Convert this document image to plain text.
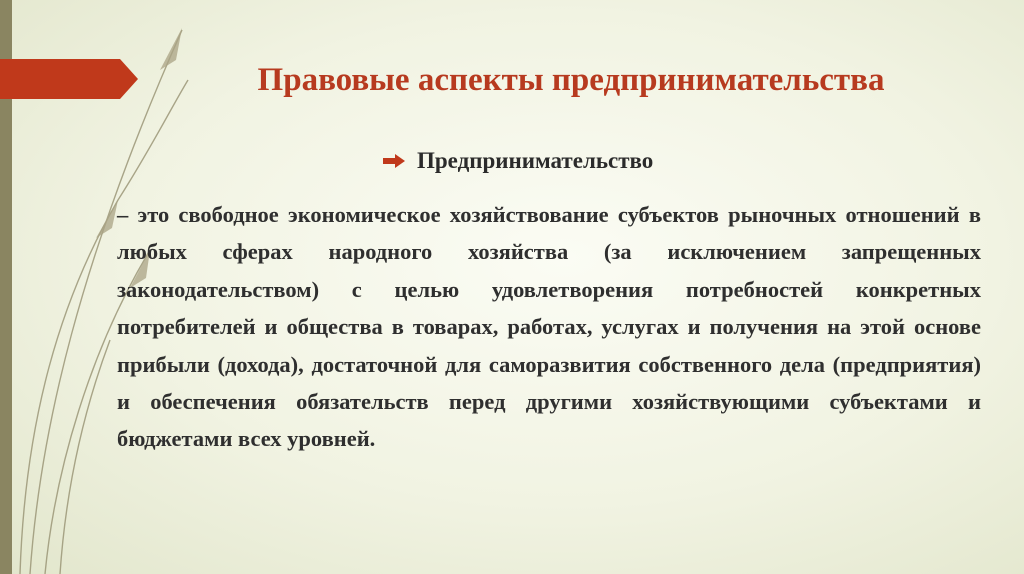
Правовые аспекты предпринимательства
Предпринимательство

– это свободное экономическое хозяйствование субъектов рыночных отношений в любых сферах народного хозяйства (за исключением запрещенных законодательством) с целью удовлетворения потребностей конкретных потребителей и общества в товарах, работах, услугах и получения на этой основе прибыли (дохода), достаточной для саморазвития собственного дела (предприятия) и обеспечения обязательств перед другими хозяйствующими субъектами и бюджетами всех уровней.
